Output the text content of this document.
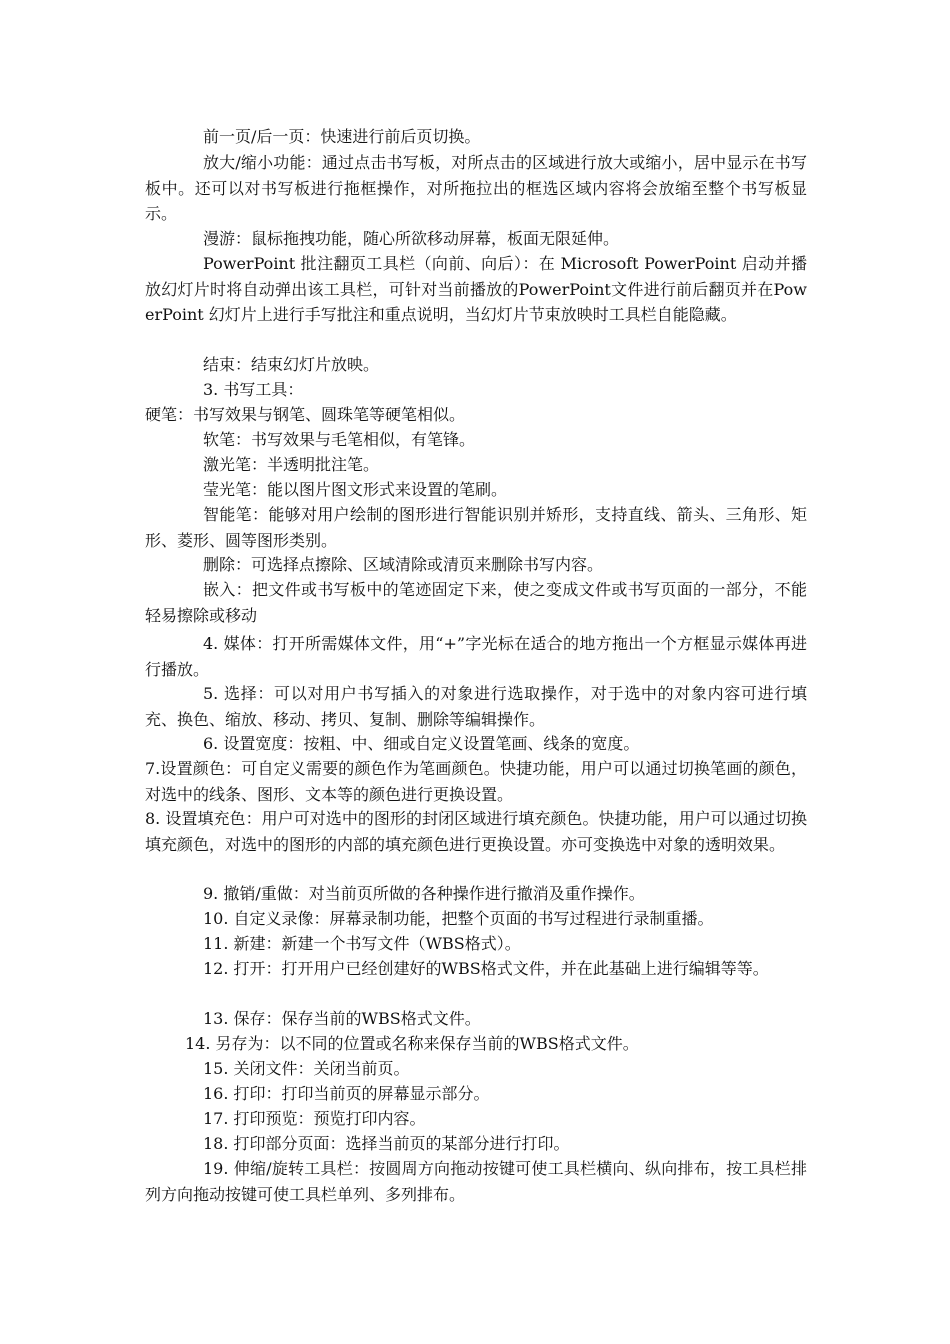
前一页/后一页：快速进行前后页切换。

放大/缩小功能：通过点击书写板，对所点击的区域进行放大或缩小，居中显示在书写板中。还可以对书写板进行拖框操作，对所拖拉出的框选区域内容将会放缩至整个书写板显示。

漫游：鼠标拖拽功能，随心所欲移动屏幕，板面无限延伸。

PowerPoint 批注翻页工具栏（向前、向后）：在 Microsoft PowerPoint 启动并播放幻灯片时将自动弹出该工具栏，可针对当前播放的PowerPoint文件进行前后翻页并在PowerPoint 幻灯片上进行手写批注和重点说明，当幻灯片节束放映时工具栏自能隐藏。

结束：结束幻灯片放映。

3. 书写工具：

硬笔：书写效果与钢笔、圆珠笔等硬笔相似。

软笔：书写效果与毛笔相似，有笔锋。

激光笔：半透明批注笔。

莹光笔：能以图片图文形式来设置的笔刷。

智能笔：能够对用户绘制的图形进行智能识别并矫形，支持直线、箭头、三角形、矩形、菱形、圆等图形类别。

删除：可选择点擦除、区域清除或清页来删除书写内容。

嵌入：把文件或书写板中的笔迹固定下来，使之变成文件或书写页面的一部分，不能轻易擦除或移动

4. 媒体：打开所需媒体文件，用“+”字光标在适合的地方拖出一个方框显示媒体再进行播放。

5. 选择：可以对用户书写插入的对象进行选取操作，对于选中的对象内容可进行填充、换色、缩放、移动、拷贝、复制、删除等编辑操作。

6. 设置宽度：按粗、中、细或自定义设置笔画、线条的宽度。

7.设置颜色：可自定义需要的颜色作为笔画颜色。快捷功能，用户可以通过切换笔画的颜色，对选中的线条、图形、文本等的颜色进行更换设置。

8. 设置填充色：用户可对选中的图形的封闭区域进行填充颜色。快捷功能，用户可以通过切换填充颜色，对选中的图形的内部的填充颜色进行更换设置。亦可变换选中对象的透明效果。

9. 撤销/重做：对当前页所做的各种操作进行撤消及重作操作。

10. 自定义录像：屏幕录制功能，把整个页面的书写过程进行录制重播。

11. 新建：新建一个书写文件（WBS格式）。

12. 打开：打开用户已经创建好的WBS格式文件，并在此基础上进行编辑等等。

13. 保存：保存当前的WBS格式文件。

14. 另存为：以不同的位置或名称来保存当前的WBS格式文件。

15. 关闭文件：关闭当前页。

16. 打印：打印当前页的屏幕显示部分。

17. 打印预览：预览打印内容。

18. 打印部分页面：选择当前页的某部分进行打印。

19. 伸缩/旋转工具栏：按圆周方向拖动按键可使工具栏横向、纵向排布，按工具栏排列方向拖动按键可使工具栏单列、多列排布。
